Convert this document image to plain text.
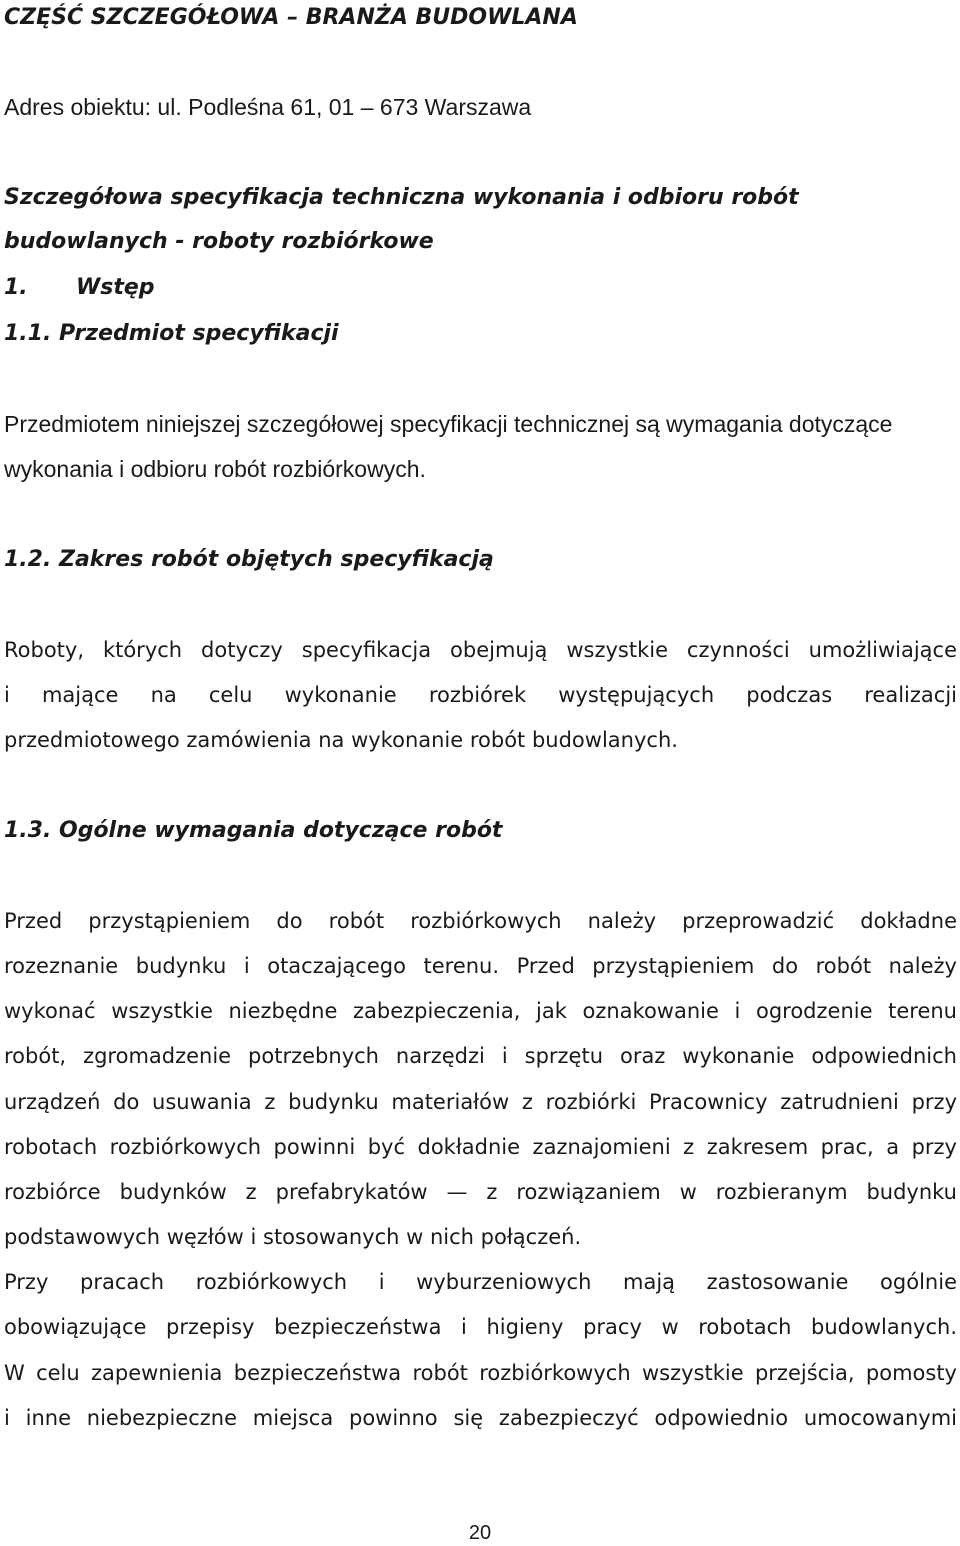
CZĘŚĆ SZCZEGÓŁOWA – BRANŻA BUDOWLANA
Adres obiektu: ul. Podleśna 61, 01 – 673 Warszawa
Szczegółowa specyfikacja techniczna wykonania i odbioru robót
budowlanych - roboty rozbiórkowe
1. Wstęp
1.1. Przedmiot specyfikacji
Przedmiotem niniejszej szczegółowej specyfikacji technicznej są wymagania dotyczące
wykonania i odbioru robót rozbiórkowych.
1.2. Zakres robót objętych specyfikacją
Roboty, których dotyczy specyfikacja obejmują wszystkie czynności umożliwiające
i mające na celu wykonanie rozbiórek występujących podczas realizacji
przedmiotowego zamówienia na wykonanie robót budowlanych.
1.3. Ogólne wymagania dotyczące robót
Przed przystąpieniem do robót rozbiórkowych należy przeprowadzić dokładne
rozeznanie budynku i otaczającego terenu. Przed przystąpieniem do robót należy
wykonać wszystkie niezbędne zabezpieczenia, jak oznakowanie i ogrodzenie terenu
robót, zgromadzenie potrzebnych narzędzi i sprzętu oraz wykonanie odpowiednich
urządzeń do usuwania z budynku materiałów z rozbiórki Pracownicy zatrudnieni przy
robotach rozbiórkowych powinni być dokładnie zaznajomieni z zakresem prac, a przy
rozbiórce budynków z prefabrykatów — z rozwiązaniem w rozbieranym budynku
podstawowych węzłów i stosowanych w nich połączeń.
Przy pracach rozbiórkowych i wyburzeniowych mają zastosowanie ogólnie
obowiązujące przepisy bezpieczeństwa i higieny pracy w robotach budowlanych.
W celu zapewnienia bezpieczeństwa robót rozbiórkowych wszystkie przejścia, pomosty
i inne niebezpieczne miejsca powinno się zabezpieczyć odpowiednio umocowanymi
20
